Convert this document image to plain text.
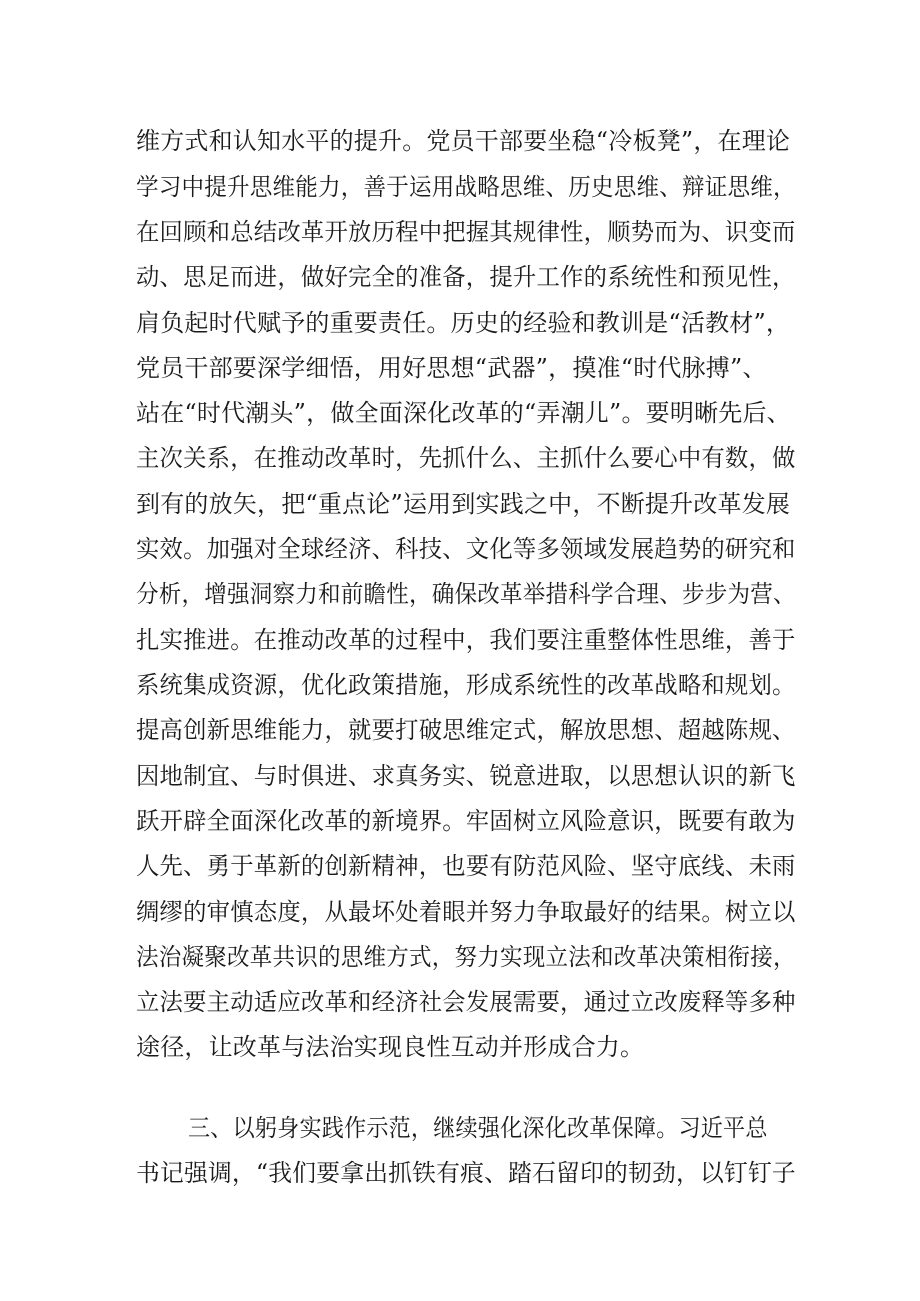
维方式和认知水平的提升。党员干部要坐稳“冷板凳”，在理论
学习中提升思维能力，善于运用战略思维、历史思维、辩证思维，
在回顾和总结改革开放历程中把握其规律性，顺势而为、识变而
动、思足而进，做好完全的准备，提升工作的系统性和预见性，
肩负起时代赋予的重要责任。历史的经验和教训是“活教材”，
党员干部要深学细悟，用好思想“武器”，摸准“时代脉搏”、
站在“时代潮头”，做全面深化改革的“弄潮儿”。要明晰先后、
主次关系，在推动改革时，先抓什么、主抓什么要心中有数，做
到有的放矢，把“重点论”运用到实践之中，不断提升改革发展
实效。加强对全球经济、科技、文化等多领域发展趋势的研究和
分析，增强洞察力和前瞻性，确保改革举措科学合理、步步为营、
扎实推进。在推动改革的过程中，我们要注重整体性思维，善于
系统集成资源，优化政策措施，形成系统性的改革战略和规划。
提高创新思维能力，就要打破思维定式，解放思想、超越陈规、
因地制宜、与时俱进、求真务实、锐意进取，以思想认识的新飞
跃开辟全面深化改革的新境界。牢固树立风险意识，既要有敢为
人先、勇于革新的创新精神，也要有防范风险、坚守底线、未雨
绸缪的审慎态度，从最坏处着眼并努力争取最好的结果。树立以
法治凝聚改革共识的思维方式，努力实现立法和改革决策相衔接，
立法要主动适应改革和经济社会发展需要，通过立改废释等多种
途径，让改革与法治实现良性互动并形成合力。
三、以躬身实践作示范，继续强化深化改革保障。习近平总
书记强调，“我们要拿出抓铁有痕、踏石留印的韧劲，以钉钉子
